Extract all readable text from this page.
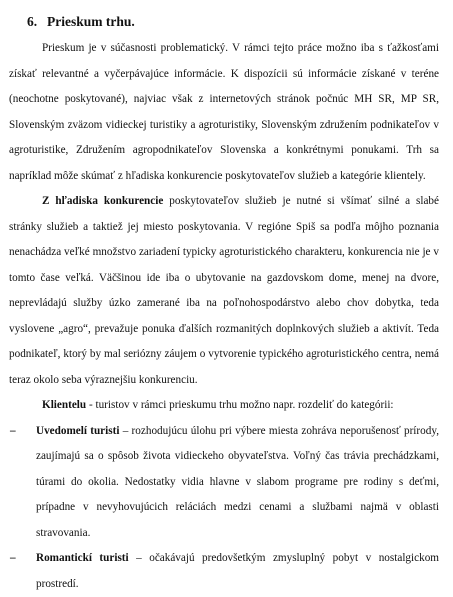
6. Prieskum trhu.

Prieskum je v súčasnosti problematický. V rámci tejto práce možno iba s ťažkosťami získať relevantné a vyčerpávajúce informácie. K dispozícii sú informácie získané v teréne (neochotne poskytované), najviac však z internetových stránok počnúc MH SR, MP SR, Slovenským zväzom vidieckej turistiky a agroturistiky, Slovenským združením podnikateľov v agroturistike, Združením agropodnikateľov Slovenska a konkrétnymi ponukami. Trh sa napríklad môže skúmať z hľadiska konkurencie poskytovateľov služieb a kategórie klientely.

Z hľadiska konkurencie poskytovateľov služieb je nutné si všímať silné a slabé stránky služieb a taktiež jej miesto poskytovania. V regióne Spiš sa podľa môjho poznania nenachádza veľké množstvo zariadení typicky agroturistického charakteru, konkurencia nie je v tomto čase veľká. Väčšinou ide iba o ubytovanie na gazdovskom dome, menej na dvore, neprevládajú služby úzko zamerané iba na poľnohospodárstvo alebo chov dobytka, teda vyslovene „agro“, prevažuje ponuka ďalších rozmanitých doplnkových služieb a aktivít. Teda podnikateľ, ktorý by mal seriózny záujem o vytvorenie typického agroturistického centra, nemá teraz okolo seba výraznejšiu konkurenciu.

Klientelu - turistov v rámci prieskumu trhu možno napr. rozdeliť do kategórii:

– Uvedomelí turisti – rozhodujúcu úlohu pri výbere miesta zohráva neporušenosť prírody, zaujímajú sa o spôsob života vidieckeho obyvateľstva. Voľný čas trávia prechádzkami, túrami do okolia. Nedostatky vidia hlavne v slabom programe pre rodiny s deťmi, prípadne v nevyhovujúcich reláciách medzi cenami a službami najmä v oblasti stravovania.

– Romantickí turisti – očakávajú predovšetkým zmysluplný pobyt v nostalgickom prostredí.
